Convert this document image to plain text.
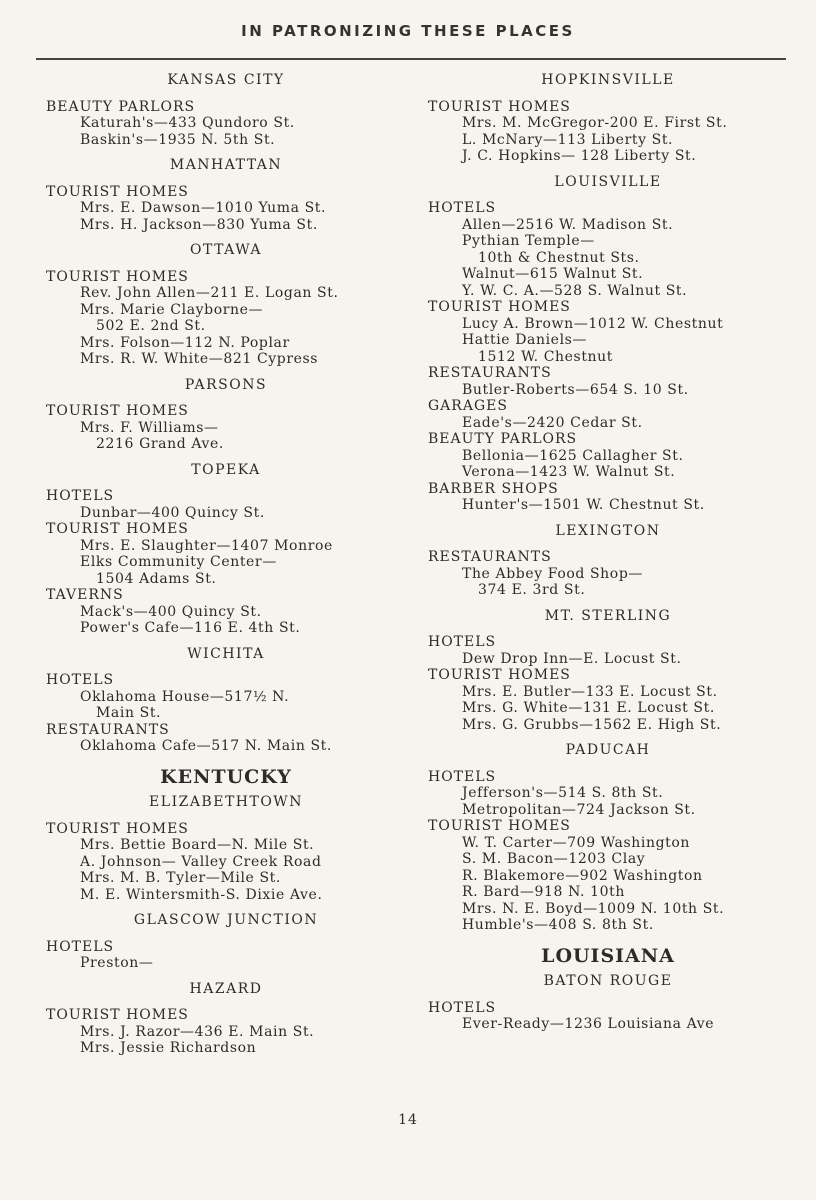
IN PATRONIZING THESE PLACES
KANSAS CITY
BEAUTY PARLORS
Katurah's—433 Qundoro St.
Baskin's—1935 N. 5th St.
MANHATTAN
TOURIST HOMES
Mrs. E. Dawson—1010 Yuma St.
Mrs. H. Jackson—830 Yuma St.
OTTAWA
TOURIST HOMES
Rev. John Allen—211 E. Logan St.
Mrs. Marie Clayborne—
502 E. 2nd St.
Mrs. Folson—112 N. Poplar
Mrs. R. W. White—821 Cypress
PARSONS
TOURIST HOMES
Mrs. F. Williams—
2216 Grand Ave.
TOPEKA
HOTELS
Dunbar—400 Quincy St.
TOURIST HOMES
Mrs. E. Slaughter—1407 Monroe
Elks Community Center—
1504 Adams St.
TAVERNS
Mack's—400 Quincy St.
Power's Cafe—116 E. 4th St.
WICHITA
HOTELS
Oklahoma House—517½ N.
Main St.
RESTAURANTS
Oklahoma Cafe—517 N. Main St.
KENTUCKY
ELIZABETHTOWN
TOURIST HOMES
Mrs. Bettie Board—N. Mile St.
A. Johnson— Valley Creek Road
Mrs. M. B. Tyler—Mile St.
M. E. Wintersmith-S. Dixie Ave.
GLASCOW JUNCTION
HOTELS
Preston—
HAZARD
TOURIST HOMES
Mrs. J. Razor—436 E. Main St.
Mrs. Jessie Richardson
HOPKINSVILLE
TOURIST HOMES
Mrs. M. McGregor-200 E. First St.
L. McNary—113 Liberty St.
J. C. Hopkins— 128 Liberty St.
LOUISVILLE
HOTELS
Allen—2516 W. Madison St.
Pythian Temple—
10th & Chestnut Sts.
Walnut—615 Walnut St.
Y. W. C. A.—528 S. Walnut St.
TOURIST HOMES
Lucy A. Brown—1012 W. Chestnut
Hattie Daniels—
1512 W. Chestnut
RESTAURANTS
Butler-Roberts—654 S. 10 St.
GARAGES
Eade's—2420 Cedar St.
BEAUTY PARLORS
Bellonia—1625 Callagher St.
Verona—1423 W. Walnut St.
BARBER SHOPS
Hunter's—1501 W. Chestnut St.
LEXINGTON
RESTAURANTS
The Abbey Food Shop—
374 E. 3rd St.
MT. STERLING
HOTELS
Dew Drop Inn—E. Locust St.
TOURIST HOMES
Mrs. E. Butler—133 E. Locust St.
Mrs. G. White—131 E. Locust St.
Mrs. G. Grubbs—1562 E. High St.
PADUCAH
HOTELS
Jefferson's—514 S. 8th St.
Metropolitan—724 Jackson St.
TOURIST HOMES
W. T. Carter—709 Washington
S. M. Bacon—1203 Clay
R. Blakemore—902 Washington
R. Bard—918 N. 10th
Mrs. N. E. Boyd—1009 N. 10th St.
Humble's—408 S. 8th St.
LOUISIANA
BATON ROUGE
HOTELS
Ever-Ready—1236 Louisiana Ave
14
